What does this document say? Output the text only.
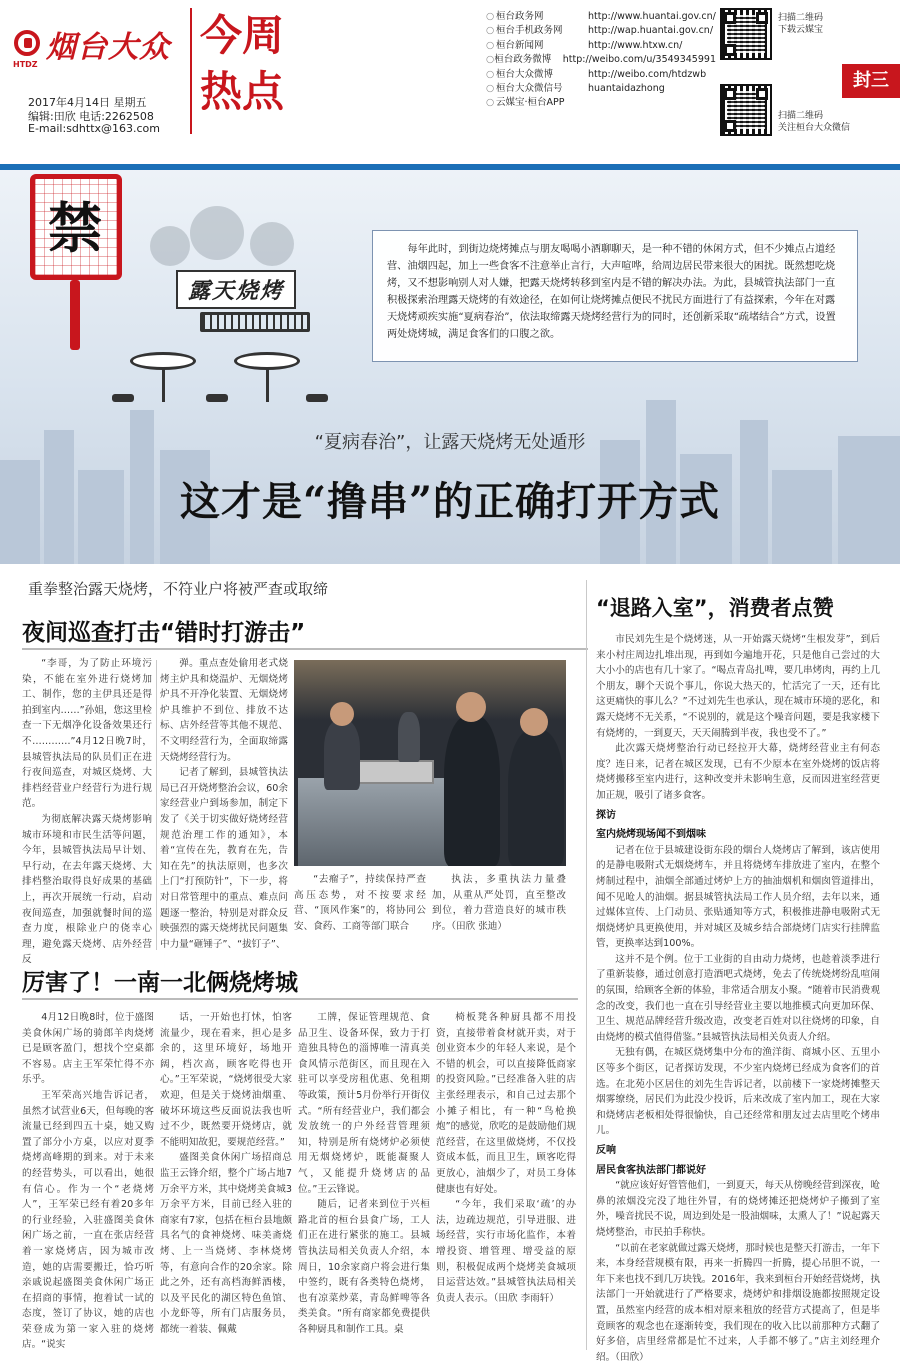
HTDZ 烟台大众
2017年4月14日 星期五
编辑:田欣 电话:2262508
E-mail:sdhttx@163.com
今周
热点
○ 桓台政务网	http://www.huantai.gov.cn/
○ 桓台手机政务网	http://wap.huantai.gov.cn/
○ 桓台新闻网	http://www.htxw.cn/
○ 桓台政务微博	http://weibo.com/u/3549345991
○ 桓台大众微博	http://weibo.com/htdzwb
○ 桓台大众微信号	huantaidazhong
○ 云媒宝·桓台APP
扫描二维码
下载云媒宝
扫描二维码
关注桓台大众微信
封三
禁
露天烧烤
每年此时，到街边烧烤摊点与朋友喝喝小酒聊聊天，是一种不错的休闲方式，但不少摊点占道经营、油烟四起，加上一些食客不注意举止言行，大声喧哗，给周边居民带来很大的困扰。既然想吃烧烤，又不想影响别人对人嫌，把露天烧烤转移到室内是不错的解决办法。为此，县城管执法部门一直积极探索治理露天烧烤的有效途径，在如何让烧烤摊点便民不扰民方面进行了有益探索，今年在对露天烧烤顽疾实施“夏病春治”，依法取缔露天烧烤经营行为的同时，还创新采取“疏堵结合”方式，设置两处烧烤城，满足食客们的口腹之欲。
“夏病春治”，让露天烧烤无处遁形
这才是“撸串”的正确打开方式
重拳整治露天烧烤，不符业户将被严查或取缔
夜间巡查打击“错时打游击”
“退路入室”，消费者点赞

“李哥，为了防止环境污染，不能在室外进行烧烤加工、制作，您的主伊具还是得拍到室内……”孙姐，您这里检查一下无烟净化设备效果还行不…………”4月12日晚7时，县城管执法局的队员们正在进行夜间巡查，对城区烧烤、大排档经营业户经营行为进行规范。

为彻底解决露天烧烤影响城市环境和市民生活等问题，今年，县城管执法局早计划、早行动，在去年露天烧烤、大排档整治取得良好成果的基础上，再次开展统一行动，启动夜间巡查，加强就餐时间的巡查力度，根除业户的侥幸心理，避免露天烧烤、店外经营反

弹。重点查处偷用老式烧烤主炉具和烧温炉、无烟烧烤炉具不开净化装置、无烟烧烤炉具维护不到位、排放不达标、店外经营等其他不规范、不文明经营行为，全面取缔露天烧烤经营行为。

记者了解到，县城管执法局已召开烧烤整治会议，60余家经营业户到场参加，制定下发了《关于切实做好烧烤经营规范治理工作的通知》，本着“宣传在先，教育在先，告知在先”的执法原则，也多次上门“打预防针”，下一步，将对日常管理中的重点、难点问题逐一整治，特别是对群众反映强烈的露天烧烤扰民问题集中力量“砸锤子”、“拔钉子”、

“去瘤子”，持续保持严查高压态势，对不按要求经营、“顶风作案”的，将协同公安、食药、工商等部门联合

执法，多重执法力量叠加，从重从严处罚，直至整改到位，着力营造良好的城市秩序。（田欣 张迪）

市民刘先生是个烧烤迷，从一开始露天烧烤“生根发芽”，到后来小村庄周边扎堆出现，再到如今遍地开花，只是他自己尝过的大大小小的店也有几十家了。“喝点青岛扎啤，要几串烤肉，再约上几个朋友，聊个天说个事儿，你说大热天的，忙活完了一天，还有比这更痛快的事儿么？”不过刘先生也承认，现在城市环境的恶化，和露天烧烤不无关系，“不说别的，就是这个噪音问题，要是我家楼下有烧烤的，一到夏天，天天闹腾到半夜，我也受不了。”

此次露天烧烤整治行动已经拉开大幕，烧烤经营业主有何态度？连日来，记者在城区发现，已有不少原本在室外烧烤的饭店将烧烤搬移至室内进行，这种改变并未影响生意，反而因进室经营更加正规，吸引了诸多食客。

探访

室内烧烤现场闻不到烟味

记者在位于县城建设街东段的烟台人烧烤店了解到，该店使用的是静电吸附式无烟烧烤车，并且将烧烤车排放进了室内，在整个烤制过程中，油烟全部通过烤炉上方的抽油烟机和烟囱管道排出，闻不见呛人的油烟。据县城管执法局工作人员介绍，去年以来，通过媒体宣传、上门动员、张贴通知等方式，积极推进静电吸附式无烟烧烤炉具更换使用，并对城区及城乡结合部烧烤门店实行挂牌监管，更换率达到100%。

这并不是个例。位于工业街的自由动力烧烤，也趁着淡季进行了重新装修，通过创意打造酒吧式烧烤，免去了传统烧烤纷乱喧闹的氛围，给顾客全新的体验，非常适合朋友小聚。“随着市民消费观念的改变，我们也一直在引导经营业主要以地推模式向更加环保、卫生、规范品牌经营升级改造，改变老百姓对以往烧烤的印象，自由烧烤的模式值得借鉴。”县城管执法局相关负责人介绍。

无独有偶，在城区烧烤集中分布的渔洋街、商城小区、五里小区等多个街区，记者探访发现，不少室内烧烤已经成为食客们的首选。在北苑小区居住的刘先生告诉记者，以前楼下一家烧烤摊整天烟雾缭绕，居民们为此没少投诉，后来改成了室内加工，现在大家和烧烤店老板相处得很愉快，自己还经常和朋友过去店里吃个烤串儿。

反响

居民食客执法部门都说好

“就应该好好管管他们，一到夏天，每天从傍晚经营到深夜，呛鼻的浓烟没完没了地往外冒，有的烧烤摊还把烧烤炉子搬到了室外，噪音扰民不说，周边到处是一股油烟味，太熏人了！”说起露天烧烤整治，市民拍手称快。

“以前在老家就做过露天烧烤，那时候也是整天打游击，一年下来，本身经营规模有限，再来一折腾四一折腾，提心吊胆不说，一年下来也找不到几万块钱。2016年，我来到桓台开始经营烧烤，执法部门一开始就进行了严格要求，烧烤炉和排烟设施都按照规定设置，虽然室内经营的成本相对原来租放的经营方式提高了，但是毕竟顾客的观念也在逐渐转变，我们现在的收入比以前那种方式翻了好多倍，店里经常都是忙不过来，人手都不够了。”店主刘经理介绍。（田欣）

厉害了！一南一北俩烧烤城

4月12日晚8时，位于盛图美食休闲广场的骑郎羊肉烧烤已是顾客盈门，想找个空桌都不容易。店主王军荣忙得不亦乐乎。

王军荣高兴地告诉记者，虽然才试营业6天，但每晚的客流量已经到四五十桌，她又购置了部分小方桌，以应对夏季烧烤高峰期的到来。对于未来的经营势头，可以看出，她很有信心。作为一个“老烧烤人”，王军荣已经有着20多年的行业经验，入驻盛图美食休闲广场之前，一直在张店经营着一家烧烤店，因为城市改造，她的店需要搬迁，恰巧听亲戚说起盛图美食休闲广场正在招商的事情，抱着试一试的态度，签订了协议，她的店也荣登成为第一家入驻的烧烤店。“说实

话，一开始也打怵，怕客流量少，现在看来，担心是多余的，这里环境好，场地开阔，档次高，顾客吃得也开心。”王军荣说，“烧烤很受大家欢迎，但是关于烧烤油烟重、破坏环境这些反面说法我也听过不少，既然要开烧烤店，就不能明知故犯，要规范经营。”

盛图美食休闲广场招商总监王云锋介绍，整个广场占地7万余平方米，其中烧烤美食城3万余平方米，目前已经入驻的商家有7家，包括在桓台县地颇具名气的食神烧烤、味美斋烧烤、上一当烧烤、李林烧烤等，有意向合作的20余家。除此之外，还有高档海鲜酒楼，以及平民化的湖区特色鱼馆、小龙虾等，所有门店服务员，都统一着装、佩戴

工牌，保证管理规范、食品卫生、设备环保，致力于打造独具特色的淄博唯一清真美食风情示范街区，而且现在入驻可以享受房租优惠、免租期等政策，预计5月份举行开街仪式。“所有经营业户，我们都会发放统一的户外经营管理须知，特别是所有烧烤炉必须使用无烟烧烤炉，既能凝聚人气，又能提升烧烤店的品位。”王云锋说。

随后，记者来到位于兴桓路北首的桓台县食广场，工人们正在进行紧张的施工。县城管执法局相关负责人介绍，本周日，10余家商户将会进行集中签约，既有各类特色烧烤，也有凉菜炒菜，青岛鲜啤等各类美食。“所有商家都免费提供各种厨具和制作工具。桌

椅板凳各种厨具都不用投资，直接带着食材就开卖，对于创业资本少的年轻人来说，是个不错的机会，可以直接降低商家的投资风险。”已经准备入驻的店主张经理表示，和自己过去那个小摊子相比，有一种“鸟枪换炮”的感觉，欣吃的是鼓励他们规范经营，在这里做烧烤，不仅投资成本低，而且卫生，顾客吃得更放心，油烟少了，对员工身体健康也有好处。

“今年，我们采取‘疏’的办法，边疏边规范，引导进服、进场经营，实行市场化监作，本着增投资、增管理、增受益的原则，积极促成两个烧烤美食城项目运营达效。”县城管执法局相关负责人表示。（田欣 李雨轩）
